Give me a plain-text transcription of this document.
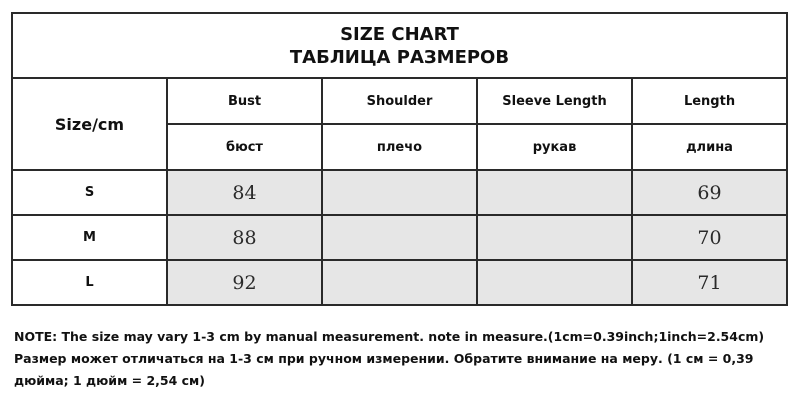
SIZE CHART
ТАБЛИЦА РАЗМЕРОВ				

Size/cm	Bust	Shoulder	Sleeve Length	Length
	бюст	плечо	рукав	длина
S	84			69
M	88			70
L	92			71

NOTE: The size may vary 1-3 cm by manual measurement. note in measure.(1cm=0.39inch;1inch=2.54cm)

Размер может отличаться на 1-3 см при ручном измерении. Обратите внимание на меру. (1 см = 0,39 дюйма; 1 дюйм = 2,54 см)
